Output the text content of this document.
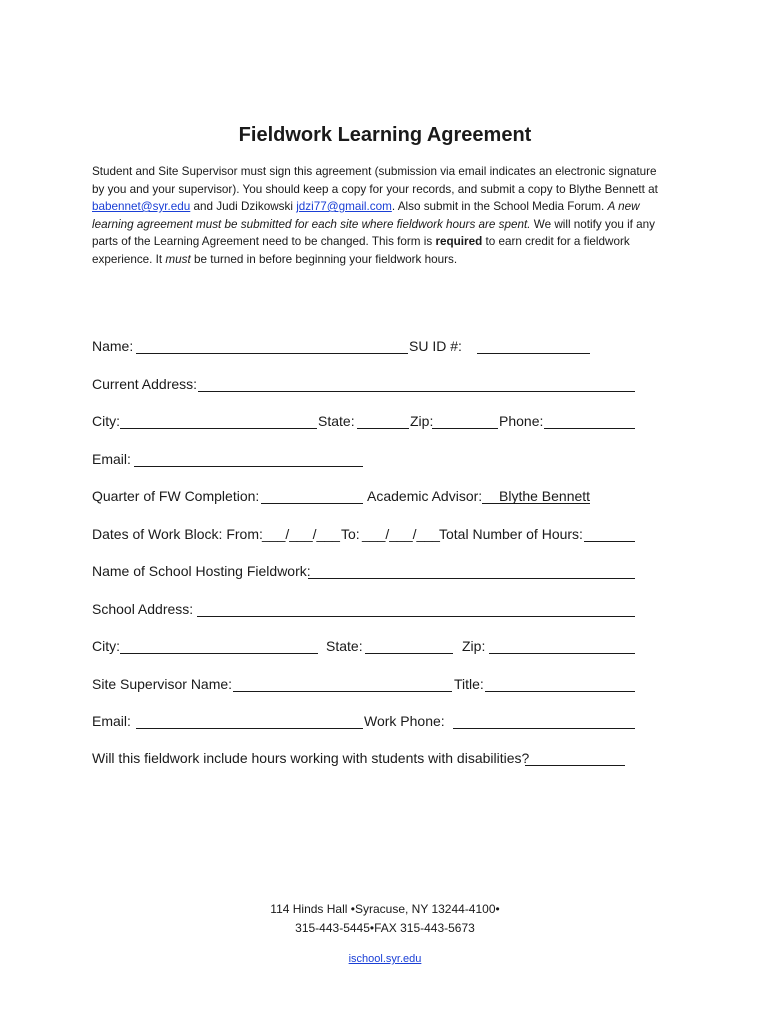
Fieldwork Learning Agreement
Student and Site Supervisor must sign this agreement (submission via email indicates an electronic signature by you and your supervisor). You should keep a copy for your records, and submit a copy to Blythe Bennett at babennet@syr.edu and Judi Dzikowski jdzi77@gmail.com. Also submit in the School Media Forum. A new learning agreement must be submitted for each site where fieldwork hours are spent. We will notify you if any parts of the Learning Agreement need to be changed. This form is required to earn credit for a fieldwork experience. It must be turned in before beginning your fieldwork hours.
Name:	SU ID #:
Current Address:
City:	State:	Zip:	Phone:
Email:
Quarter of FW Completion:	Academic Advisor: Blythe Bennett
Dates of Work Block: From: ___/___/___ To: ___/___/___ Total Number of Hours:
Name of School Hosting Fieldwork:
School Address:
City:	State:	Zip:
Site Supervisor Name:	Title:
Email:	Work Phone:
Will this fieldwork include hours working with students with disabilities?
114 Hinds Hall •Syracuse, NY 13244-4100•
315-443-5445•FAX 315-443-5673
ischool.syr.edu
